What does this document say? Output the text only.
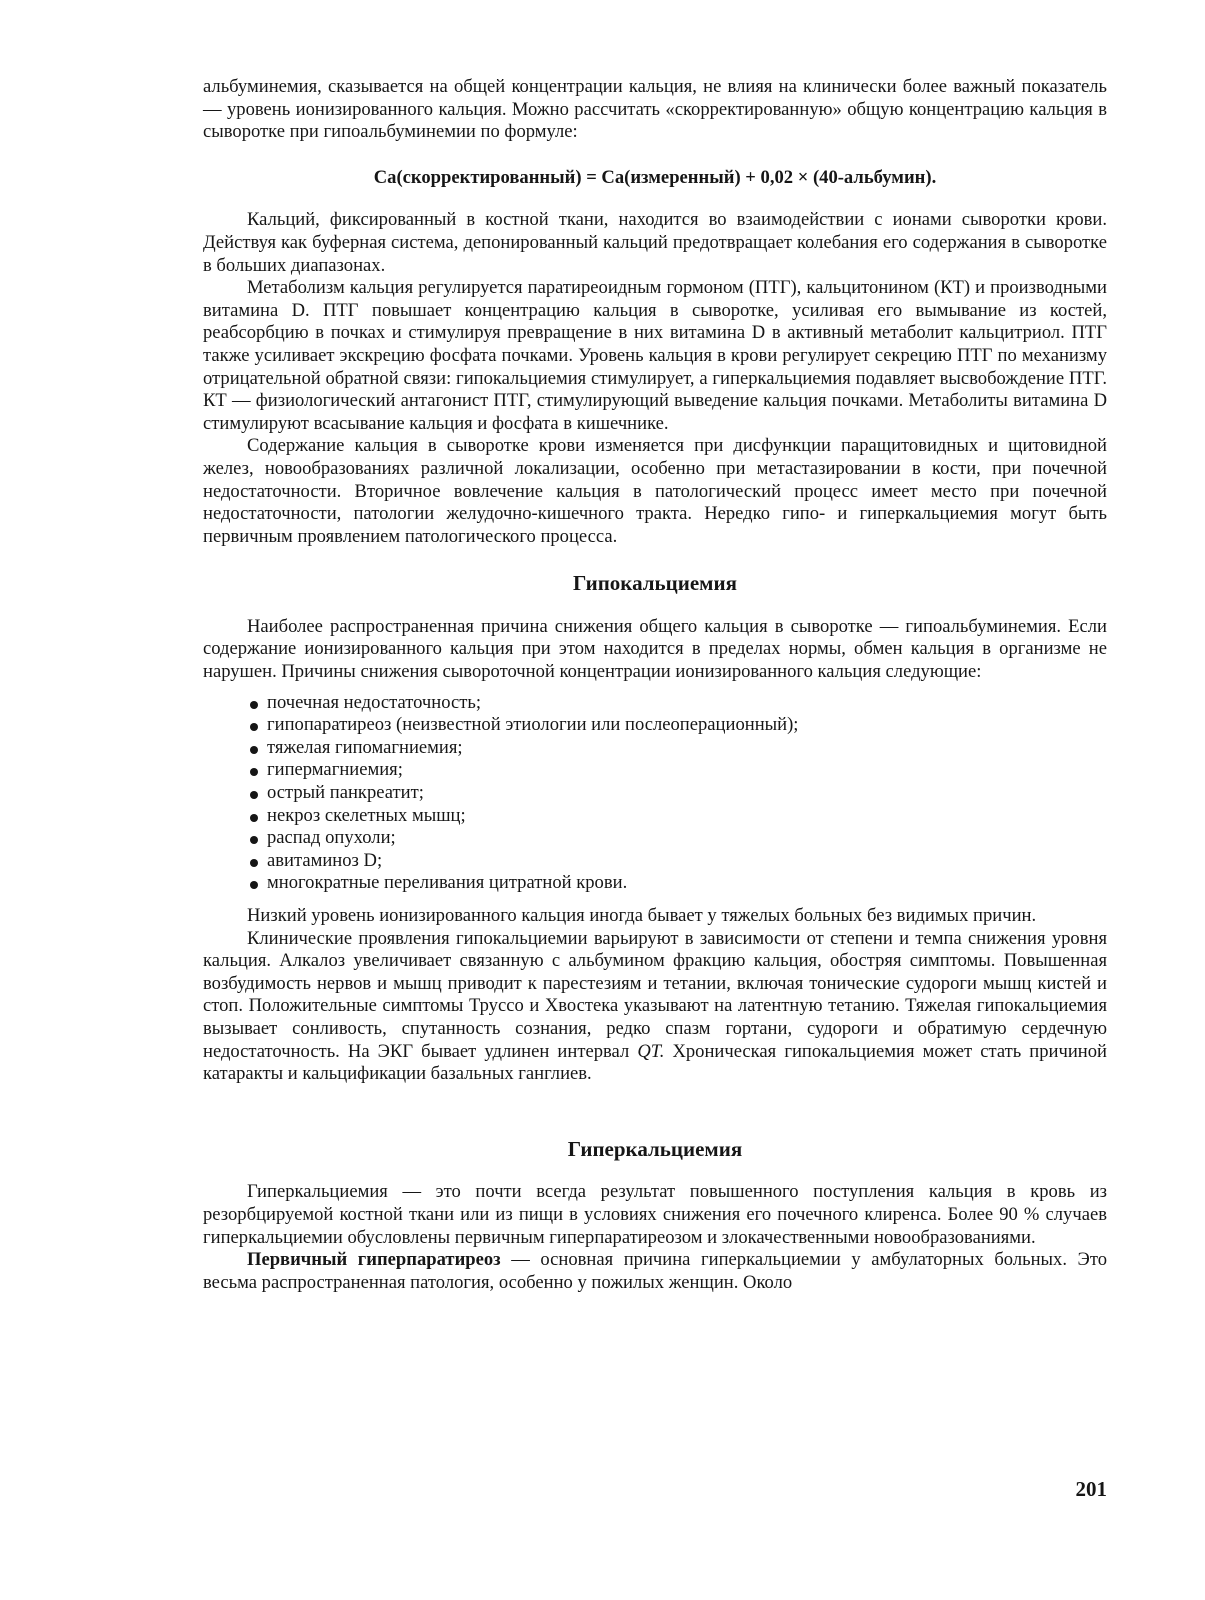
альбуминемия, сказывается на общей концентрации кальция, не влияя на клинически более важный показатель — уровень ионизированного кальция. Можно рассчитать «скорректированную» общую концентрацию кальция в сыворотке при гипоальбуминемии по формуле:

Ca(скорректированный) = Ca(измеренный) + 0,02 × (40-альбумин).

Кальций, фиксированный в костной ткани, находится во взаимодействии с ионами сыворотки крови. Действуя как буферная система, депонированный кальций предотвращает колебания его содержания в сыворотке в больших диапазонах.

Метаболизм кальция регулируется паратиреоидным гормоном (ПТГ), кальцитонином (КТ) и производными витамина D. ПТГ повышает концентрацию кальция в сыворотке, усиливая его вымывание из костей, реабсорбцию в почках и стимулируя превращение в них витамина D в активный метаболит кальцитриол. ПТГ также усиливает экскрецию фосфата почками. Уровень кальция в крови регулирует секрецию ПТГ по механизму отрицательной обратной связи: гипокальциемия стимулирует, а гиперкальциемия подавляет высвобождение ПТГ. КТ — физиологический антагонист ПТГ, стимулирующий выведение кальция почками. Метаболиты витамина D стимулируют всасывание кальция и фосфата в кишечнике.

Содержание кальция в сыворотке крови изменяется при дисфункции паращитовидных и щитовидной желез, новообразованиях различной локализации, особенно при метастазировании в кости, при почечной недостаточности. Вторичное вовлечение кальция в патологический процесс имеет место при почечной недостаточности, патологии желудочно-кишечного тракта. Нередко гипо- и гиперкальциемия могут быть первичным проявлением патологического процесса.

Гипокальциемия

Наиболее распространенная причина снижения общего кальция в сыворотке — гипоальбуминемия. Если содержание ионизированного кальция при этом находится в пределах нормы, обмен кальция в организме не нарушен. Причины снижения сывороточной концентрации ионизированного кальция следующие:

почечная недостаточность;
гипопаратиреоз (неизвестной этиологии или послеоперационный);
тяжелая гипомагниемия;
гипермагниемия;
острый панкреатит;
некроз скелетных мышц;
распад опухоли;
авитаминоз D;
многократные переливания цитратной крови.

Низкий уровень ионизированного кальция иногда бывает у тяжелых больных без видимых причин.

Клинические проявления гипокальциемии варьируют в зависимости от степени и темпа снижения уровня кальция. Алкалоз увеличивает связанную с альбумином фракцию кальция, обостряя симптомы. Повышенная возбудимость нервов и мышц приводит к парестезиям и тетании, включая тонические судороги мышц кистей и стоп. Положительные симптомы Труссо и Хвостека указывают на латентную тетанию. Тяжелая гипокальциемия вызывает сонливость, спутанность сознания, редко спазм гортани, судороги и обратимую сердечную недостаточность. На ЭКГ бывает удлинен интервал QT. Хроническая гипокальциемия может стать причиной катаракты и кальцификации базальных ганглиев.

Гиперкальциемия

Гиперкальциемия — это почти всегда результат повышенного поступления кальция в кровь из резорбцируемой костной ткани или из пищи в условиях снижения его почечного клиренса. Более 90 % случаев гиперкальциемии обусловлены первичным гиперпаратиреозом и злокачественными новообразованиями.

Первичный гиперпаратиреоз — основная причина гиперкальциемии у амбулаторных больных. Это весьма распространенная патология, особенно у пожилых женщин. Около

201
